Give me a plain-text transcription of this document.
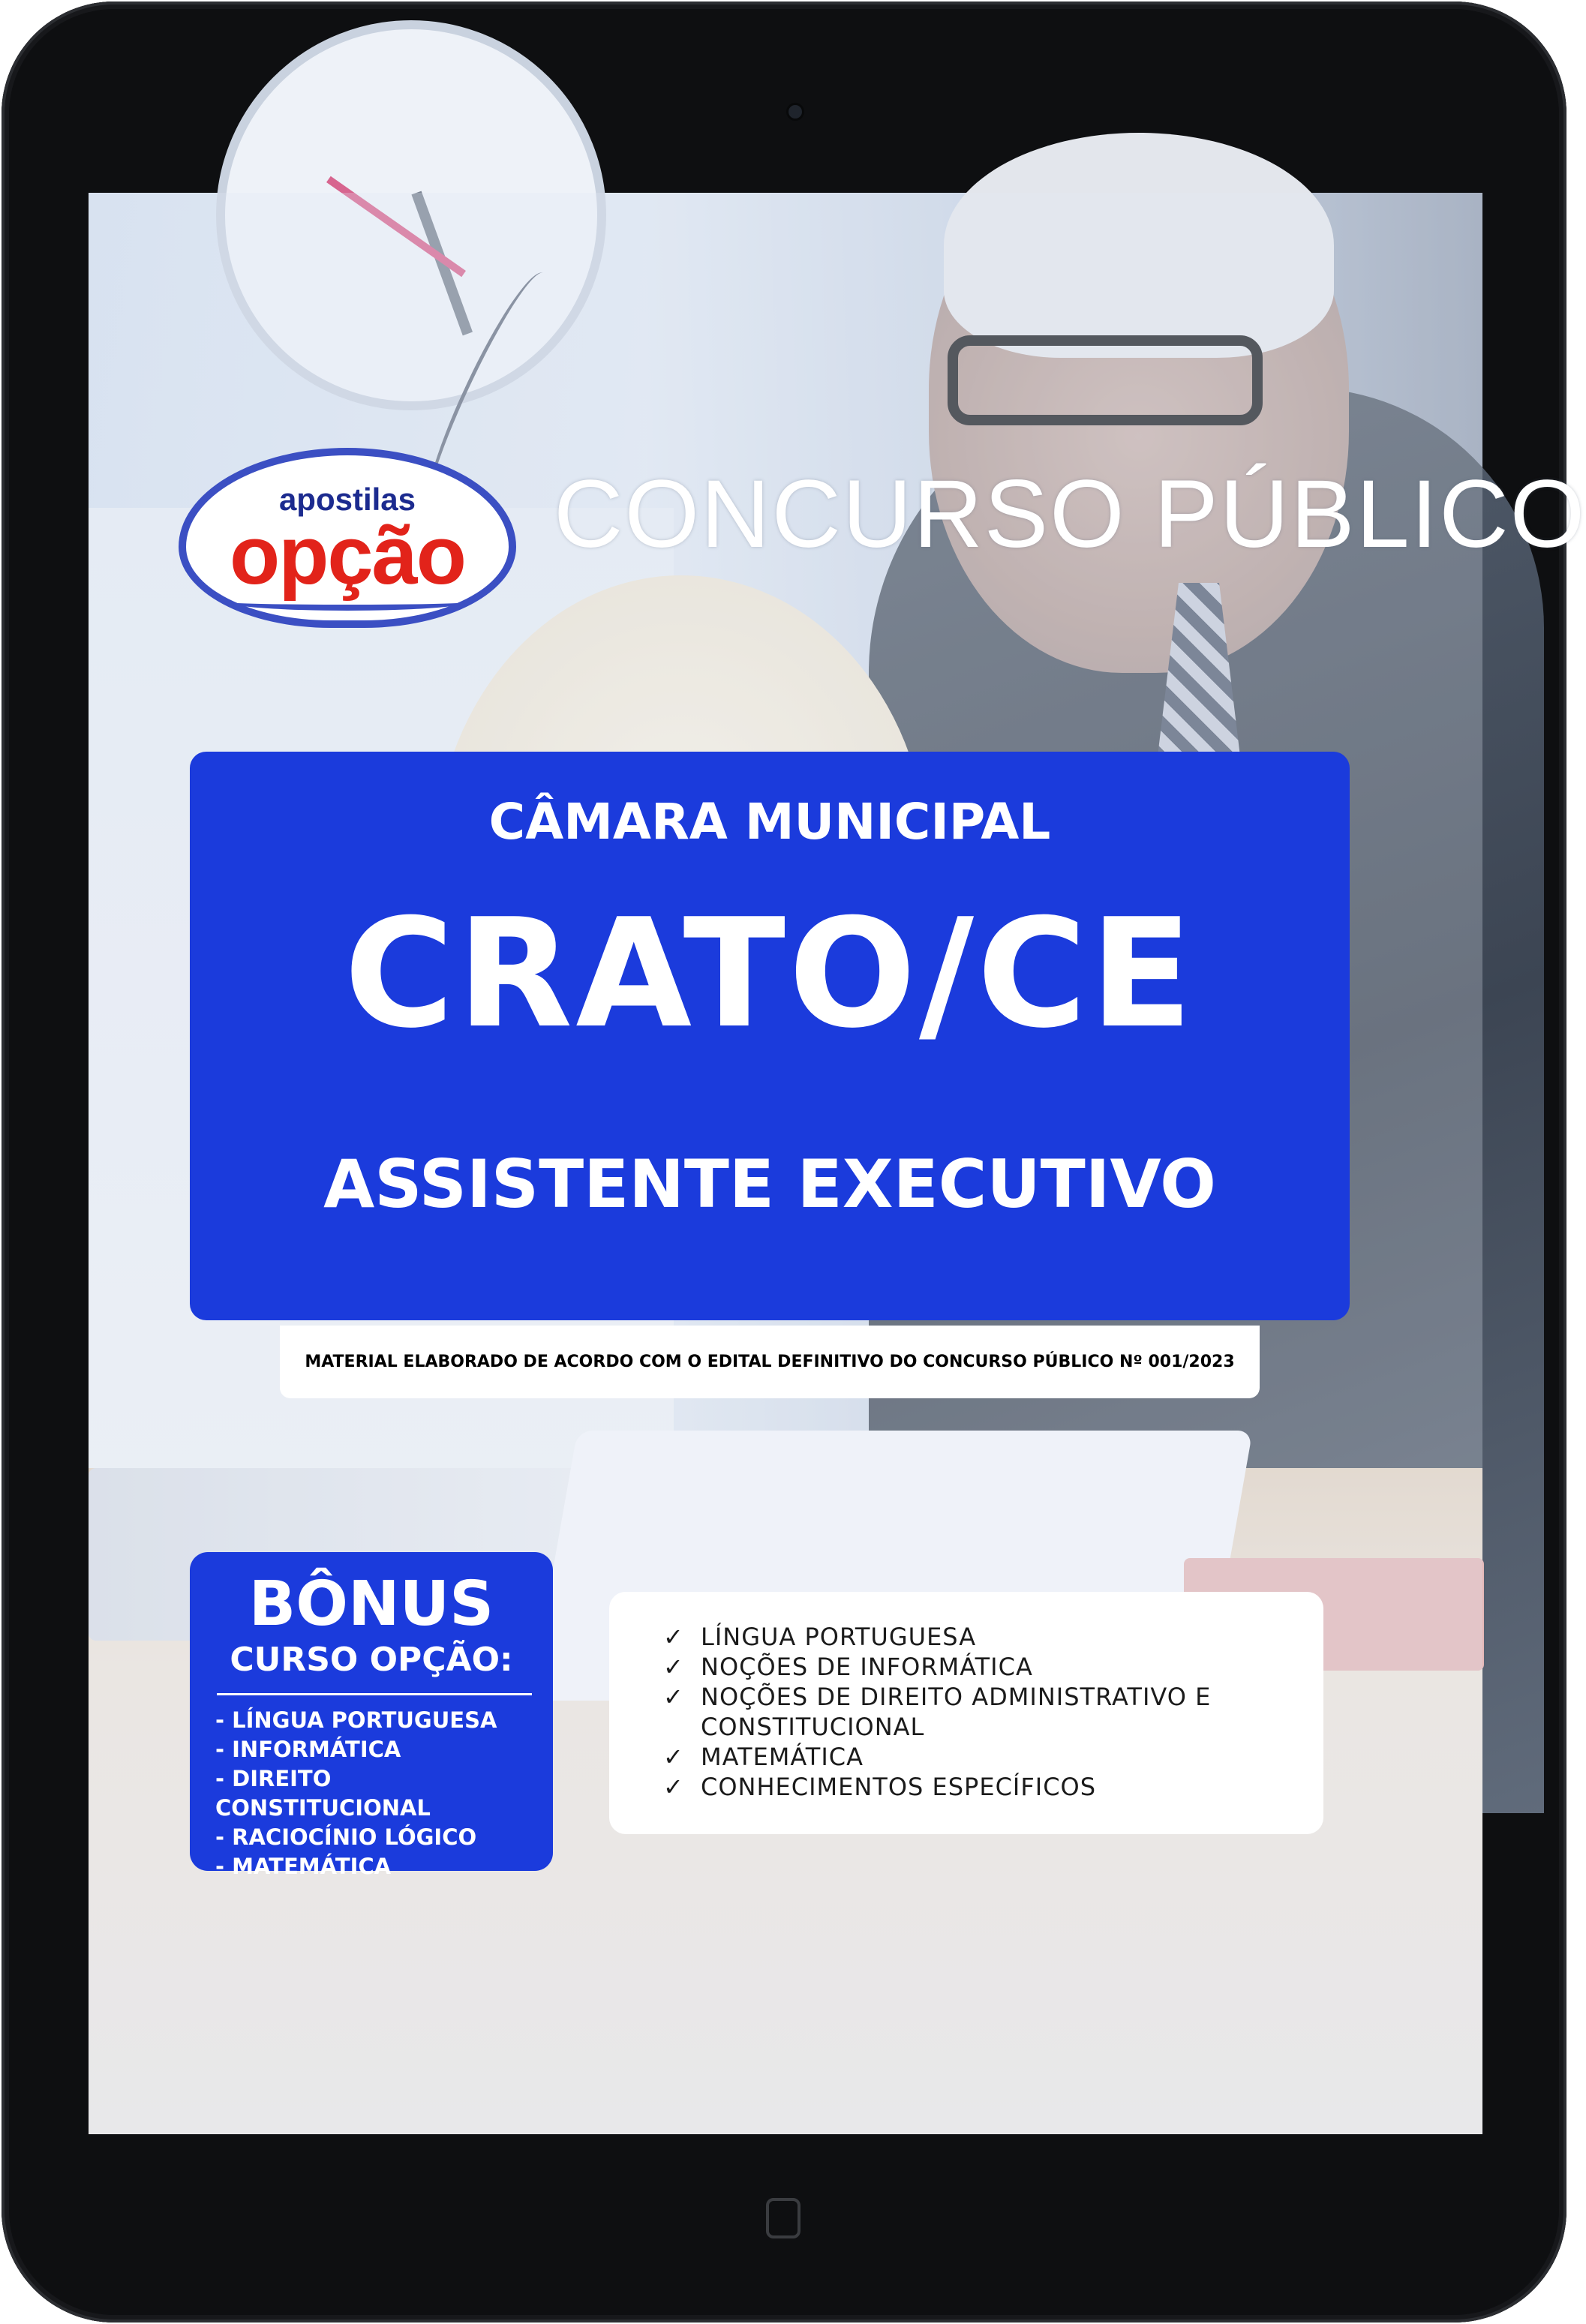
apostilas
opção CONCURSO PÚBLICO
CÂMARA MUNICIPAL
CRATO/CE
ASSISTENTE EXECUTIVO
MATERIAL ELABORADO DE ACORDO COM O EDITAL DEFINITIVO DO CONCURSO PÚBLICO Nº 001/2023
BÔNUS
CURSO OPÇÃO:
- LÍNGUA PORTUGUESA
- INFORMÁTICA
- DIREITO CONSTITUCIONAL
- RACIOCÍNIO LÓGICO
- MATEMÁTICA
✓ LÍNGUA PORTUGUESA
✓ NOÇÕES DE INFORMÁTICA
✓ NOÇÕES DE DIREITO ADMINISTRATIVO E
CONSTITUCIONAL
✓ MATEMÁTICA
✓ CONHECIMENTOS ESPECÍFICOS
